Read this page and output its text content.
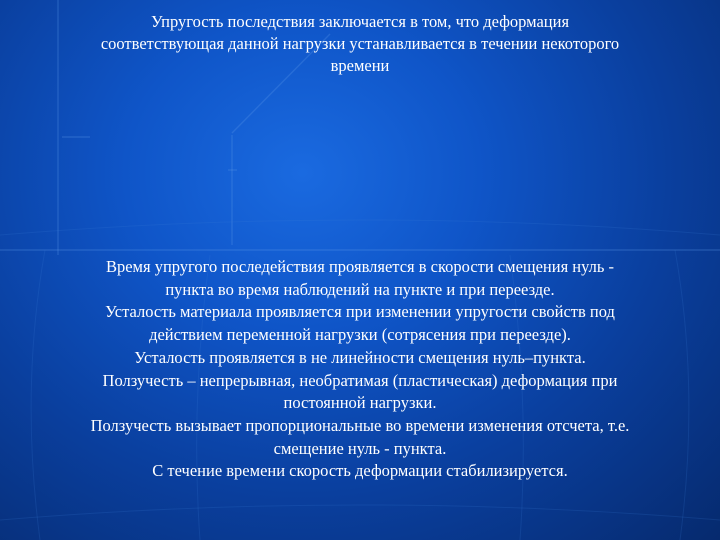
Упругость последствия заключается в том, что деформация
соответствующая данной нагрузки устанавливается в течении некоторого
времени
Время упругого последействия проявляется в скорости смещения нуль -
пункта во время наблюдений на пункте и при переезде.
Усталость материала проявляется при изменении упругости свойств под
действием переменной нагрузки (сотрясения при переезде).
Усталость проявляется в не линейности смещения нуль–пункта.
Ползучесть – непрерывная, необратимая (пластическая) деформация при
постоянной нагрузки.
Ползучесть вызывает пропорциональные во времени изменения отсчета, т.е.
смещение нуль - пункта.
С течение времени скорость деформации стабилизируется.
